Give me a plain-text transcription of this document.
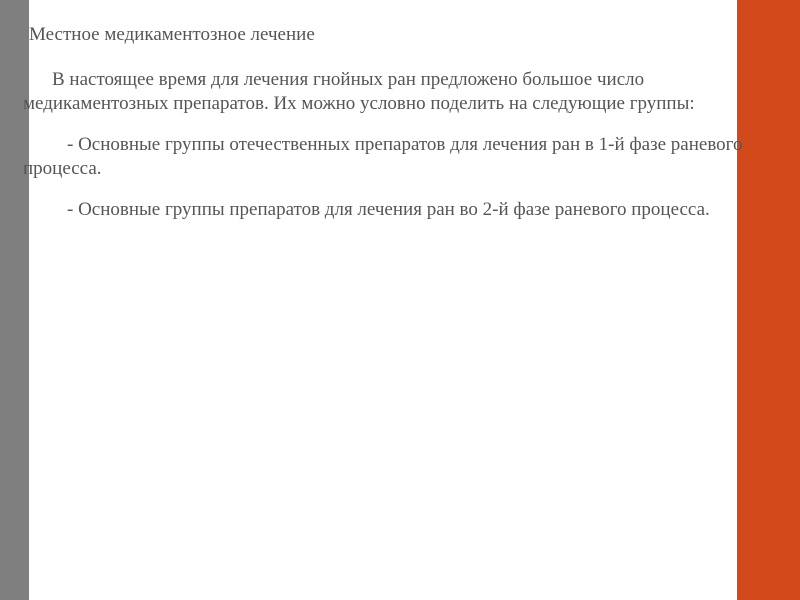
Местное медикаментозное лечение

В настоящее время для лечения гнойных ран предложено большое число медикаментозных препаратов. Их можно условно поделить на следующие группы:

- Основные группы отечественных препаратов для лечения ран в 1-й фазе раневого процесса.

- Основные группы препаратов для лечения ран во 2-й фазе раневого процесса.
